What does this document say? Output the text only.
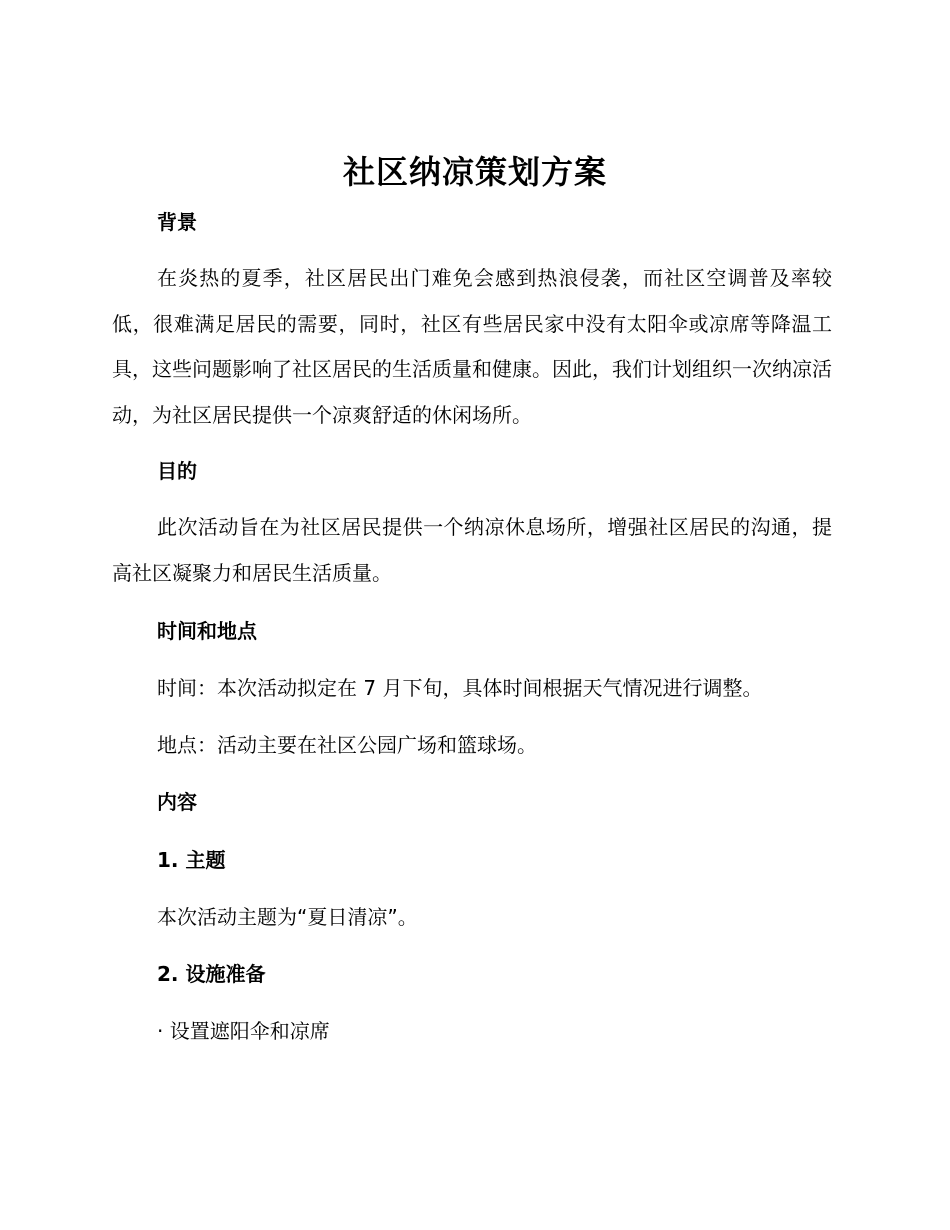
社区纳凉策划方案
背景
在炎热的夏季，社区居民出门难免会感到热浪侵袭，而社区空调普及率较低，很难满足居民的需要，同时，社区有些居民家中没有太阳伞或凉席等降温工具，这些问题影响了社区居民的生活质量和健康。因此，我们计划组织一次纳凉活动，为社区居民提供一个凉爽舒适的休闲场所。
目的
此次活动旨在为社区居民提供一个纳凉休息场所，增强社区居民的沟通，提高社区凝聚力和居民生活质量。
时间和地点
时间：本次活动拟定在 7 月下旬，具体时间根据天气情况进行调整。
地点：活动主要在社区公园广场和篮球场。
内容
1. 主题
本次活动主题为“夏日清凉”。
2. 设施准备
· 设置遮阳伞和凉席
